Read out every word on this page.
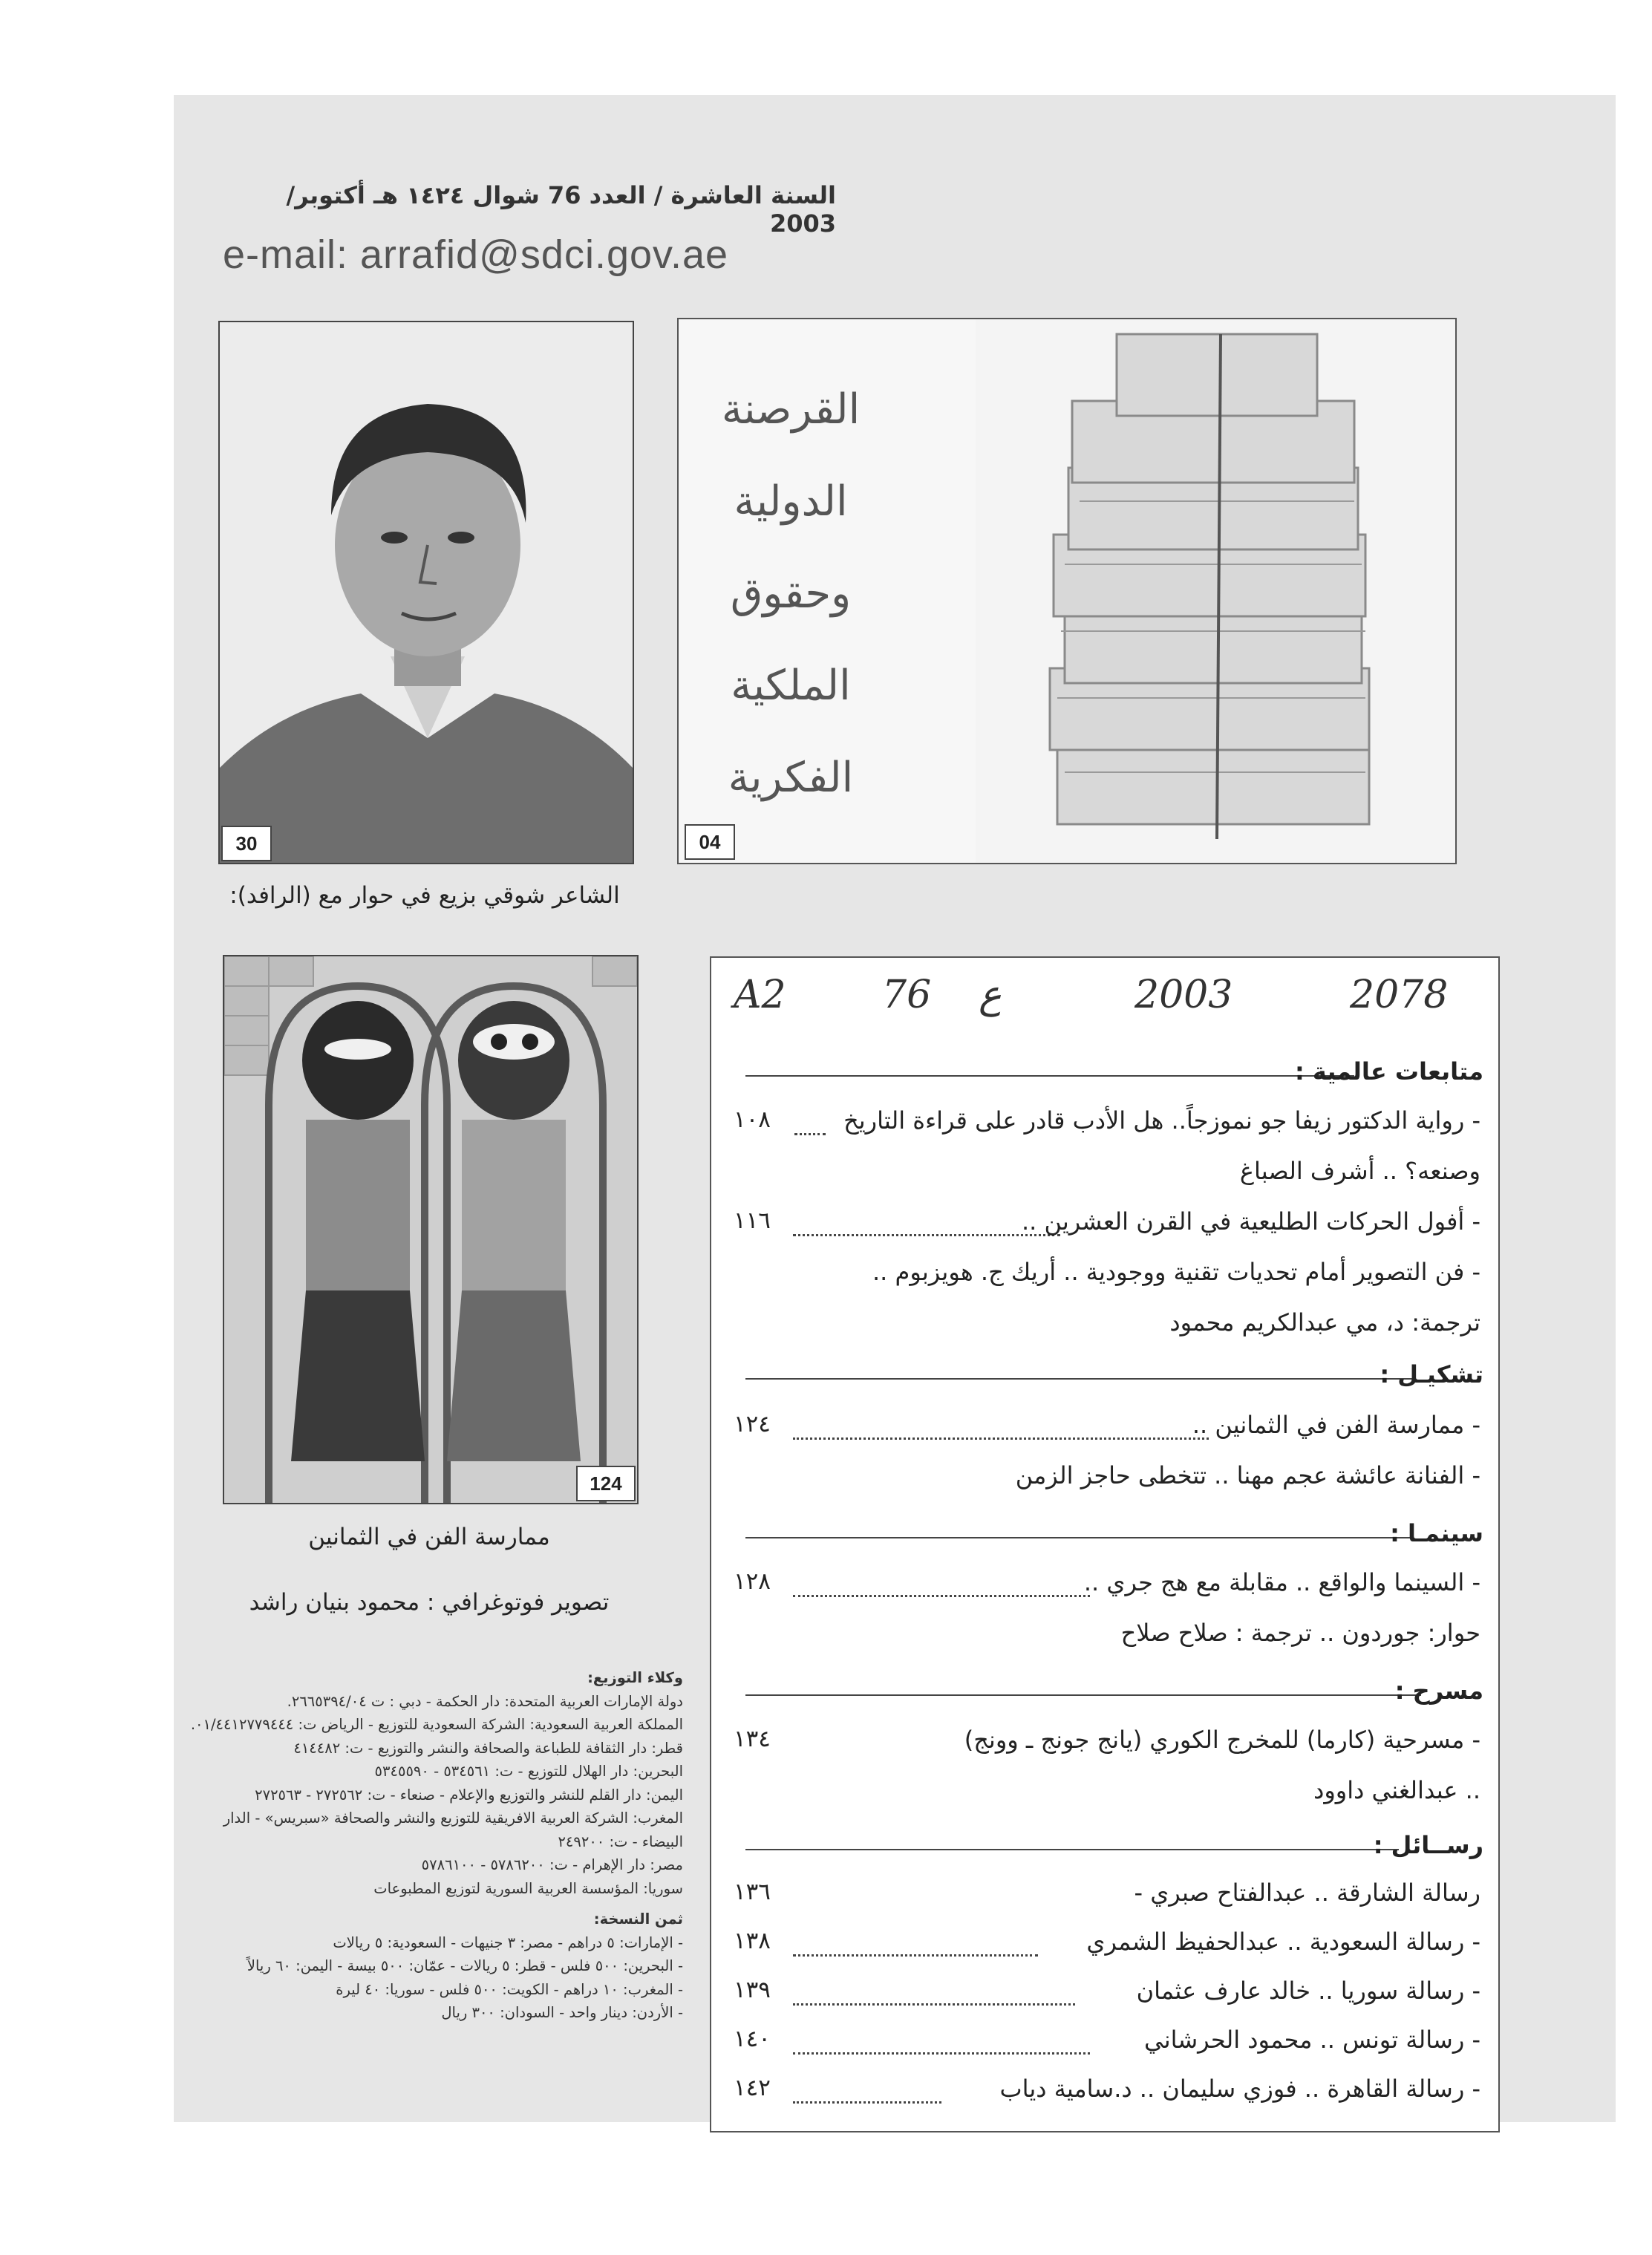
السنة العاشرة / العدد 76 شوال ١٤٢٤ هـ أكتوبر/ 2003
e-mail: arrafid@sdci.gov.ae
30
الشاعر شوقي بزيع في حوار مع (الرافد):
القرصنة
الدولية
وحقوق
الملكية
الفكرية
04
124
ممارسة الفن في الثمانين
تصوير فوتوغرافي : محمود بنيان راشد
وكلاء التوزيع:
دولة الإمارات العربية المتحدة: دار الحكمة - دبي : ت ٢٦٦٥٣٩٤/٠٤.
المملكة العربية السعودية: الشركة السعودية للتوزيع - الرياض ت: ٠١/٤٤١٢٧٧٩٤٤٤.
قطر: دار الثقافة للطباعة والصحافة والنشر والتوزيع - ت: ٤١٤٤٨٢
البحرين: دار الهلال للتوزيع - ت: ٥٣٤٥٦١ - ٥٣٤٥٥٩٠
اليمن: دار القلم للنشر والتوزيع والإعلام - صنعاء - ت: ٢٧٢٥٦٢ - ٢٧٢٥٦٣
المغرب: الشركة العربية الافريقية للتوزيع والنشر والصحافة «سبريس» - الدار البيضاء - ت: ٢٤٩٢٠٠
مصر: دار الإهرام - ت: ٥٧٨٦٢٠٠ - ٥٧٨٦١٠٠
سوريا: المؤسسة العربية السورية لتوزيع المطبوعات
ثمن النسخة:
- الإمارات: ٥ دراهم - مصر: ٣ جنيهات - السعودية: ٥ ريالات
- البحرين: ٥٠٠ فلس - قطر: ٥ ريالات - عمّان: ٥٠٠ بيسة - اليمن: ٦٠ ريالاً
- المغرب: ١٠ دراهم - الكويت: ٥٠٠ فلس - سوريا: ٤٠ ليرة
- الأردن: دينار واحد - السودان: ٣٠٠ ريال
A2 76 ع	2003	2078
متابعات عالمية :
١٠٨	- رواية الدكتور زيفا جو نموزجاً.. هل الأدب قادر على قراءة التاريخ
وصنعه؟ .. أشرف الصباغ
١١٦	- أفول الحركات الطليعية في القرن العشرين ..
- فن التصوير أمام تحديات تقنية ووجودية .. أريك ج. هويزبوم ..
ترجمة: د، مي عبدالكريم محمود
تشكيـل :
١٢٤	- ممارسة الفن في الثمانين ..
- الفنانة عائشة عجم مهنا .. تتخطى حاجز الزمن
سينمـا :
١٢٨	- السينما والواقع .. مقابلة مع هج جري ..
حوار: جوردون .. ترجمة : صلاح صلاح
مسرح :
١٣٤	- مسرحية (كارما) للمخرج الكوري (يانج جونج ـ وونج)
.. عبدالغني داوود
رســائل :
١٣٦	رسالة الشارقة .. عبدالفتاح صبري -
١٣٨	- رسالة السعودية .. عبدالحفيظ الشمري
١٣٩	- رسالة سوريا .. خالد عارف عثمان
١٤٠	- رسالة تونس .. محمود الحرشاني
١٤٢	- رسالة القاهرة .. فوزي سليمان .. د.سامية دياب
